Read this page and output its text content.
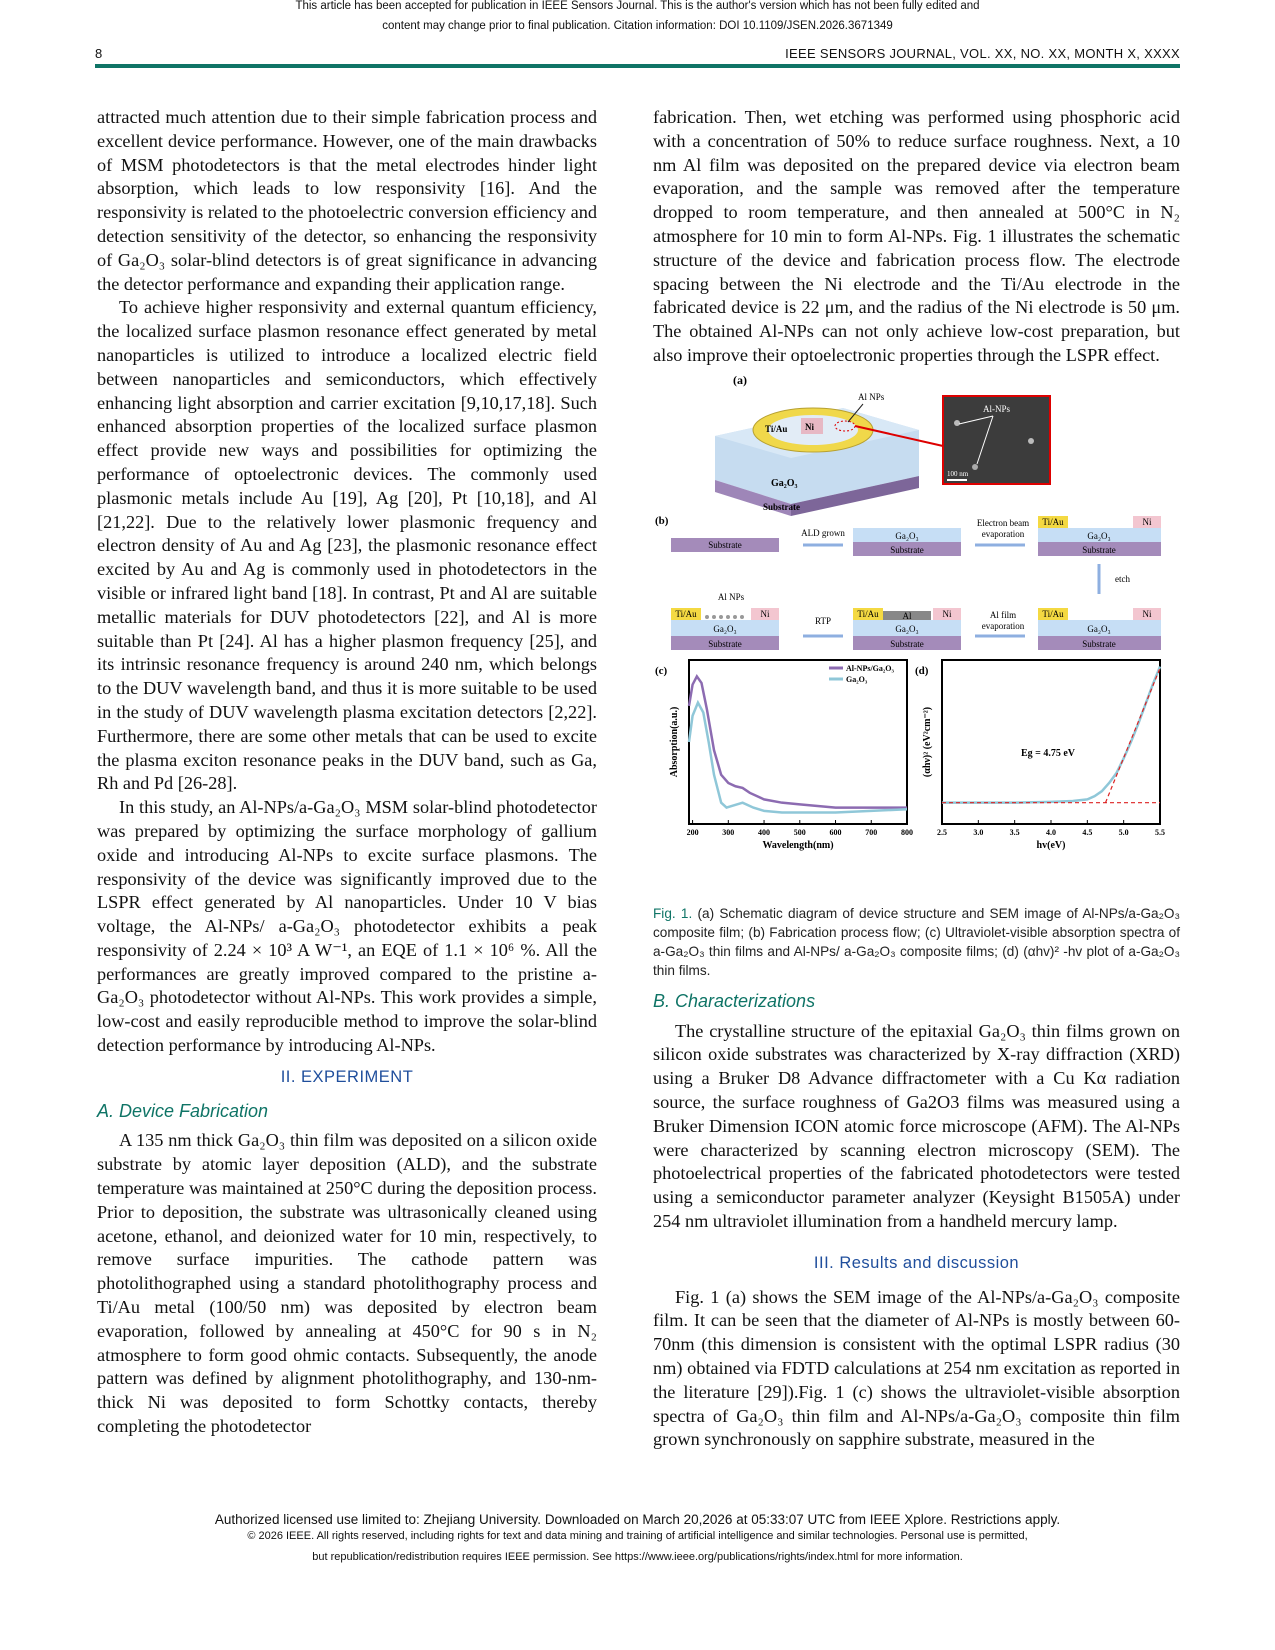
This article has been accepted for publication in IEEE Sensors Journal. This is the author's version which has not been fully edited and
content may change prior to final publication. Citation information: DOI 10.1109/JSEN.2026.3671349
8	IEEE SENSORS JOURNAL, VOL. XX, NO. XX, MONTH X, XXXX

attracted much attention due to their simple fabrication process and excellent device performance. However, one of the main drawbacks of MSM photodetectors is that the metal electrodes hinder light absorption, which leads to low responsivity [16]. And the responsivity is related to the photoelectric conversion efficiency and detection sensitivity of the detector, so enhancing the responsivity of Ga₂O₃ solar-blind detectors is of great significance in advancing the detector performance and expanding their application range.

To achieve higher responsivity and external quantum efficiency, the localized surface plasmon resonance effect generated by metal nanoparticles is utilized to introduce a localized electric field between nanoparticles and semiconductors, which effectively enhancing light absorption and carrier excitation [9,10,17,18]. Such enhanced absorption properties of the localized surface plasmon effect provide new ways and possibilities for optimizing the performance of optoelectronic devices. The commonly used plasmonic metals include Au [19], Ag [20], Pt [10,18], and Al [21,22]. Due to the relatively lower plasmonic frequency and electron density of Au and Ag [23], the plasmonic resonance effect excited by Au and Ag is commonly used in photodetectors in the visible or infrared light band [18]. In contrast, Pt and Al are suitable metallic materials for DUV photodetectors [22], and Al is more suitable than Pt [24]. Al has a higher plasmon frequency [25], and its intrinsic resonance frequency is around 240 nm, which belongs to the DUV wavelength band, and thus it is more suitable to be used in the study of DUV wavelength plasma excitation detectors [2,22]. Furthermore, there are some other metals that can be used to excite the plasma exciton resonance peaks in the DUV band, such as Ga, Rh and Pd [26-28].

In this study, an Al-NPs/a-Ga₂O₃ MSM solar-blind photodetector was prepared by optimizing the surface morphology of gallium oxide and introducing Al-NPs to excite surface plasmons. The responsivity of the device was significantly improved due to the LSPR effect generated by Al nanoparticles. Under 10 V bias voltage, the Al-NPs/ a-Ga₂O₃ photodetector exhibits a peak responsivity of 2.24 × 10³ A W⁻¹, an EQE of 1.1 × 10⁶ %. All the performances are greatly improved compared to the pristine a-Ga₂O₃ photodetector without Al-NPs. This work provides a simple, low-cost and easily reproducible method to improve the solar-blind detection performance by introducing Al-NPs.

II. EXPERIMENT
A. Device Fabrication

A 135 nm thick Ga₂O₃ thin film was deposited on a silicon oxide substrate by atomic layer deposition (ALD), and the substrate temperature was maintained at 250°C during the deposition process. Prior to deposition, the substrate was ultrasonically cleaned using acetone, ethanol, and deionized water for 10 min, respectively, to remove surface impurities. The cathode pattern was photolithographed using a standard photolithography process and Ti/Au metal (100/50 nm) was deposited by electron beam evaporation, followed by annealing at 450°C for 90 s in N₂ atmosphere to form good ohmic contacts. Subsequently, the anode pattern was defined by alignment photolithography, and 130-nm-thick Ni was deposited to form Schottky contacts, thereby completing the photodetector

fabrication. Then, wet etching was performed using phosphoric acid with a concentration of 50% to reduce surface roughness. Next, a 10 nm Al film was deposited on the prepared device via electron beam evaporation, and the sample was removed after the temperature dropped to room temperature, and then annealed at 500°C in N₂ atmosphere for 10 min to form Al-NPs. Fig. 1 illustrates the schematic structure of the device and fabrication process flow. The electrode spacing between the Ni electrode and the Ti/Au electrode in the fabricated device is 22 μm, and the radius of the Ni electrode is 50 μm. The obtained Al-NPs can not only achieve low-cost preparation, but also improve their optoelectronic properties through the LSPR effect.

(a)
Ti/Au Ni
Al NPs
Ga₂O₃
Substrate
Al-NPs
100 nm
(b)
Substrate
ALD grown	Ga₂O₃
Substrate
Electron beam
evaporation
Ti/Au	Ni
Ga₂O₃
Substrate
etch
Ti/Au	Ni
Ga₂O₃
Substrate
Al film
evaporation
Ti/Au	Al	Ni
Ga₂O₃
Substrate
RTP
Ti/Au	Ni
Al NPs
Ga₂O₃
Substrate
(c)
200	300	400	500	600	700	800
Wavelength(nm)
Absorption(a.u.)
Al-NPs/Ga₂O₃
Ga₂O₃
(d)
2.5	3.0	3.5	4.0	4.5	5.0	5.5
hv(eV)
(αhν)² (eV²cm⁻²)	Eg = 4.75 eV
Fig. 1. (a) Schematic diagram of device structure and SEM image of Al-NPs/a-Ga₂O₃ composite film; (b) Fabrication process flow; (c) Ultraviolet-visible absorption spectra of a-Ga₂O₃ thin films and Al-NPs/ a-Ga₂O₃ composite films; (d) (αhv)² -hv plot of a-Ga₂O₃ thin films.
B. Characterizations

The crystalline structure of the epitaxial Ga₂O₃ thin films grown on silicon oxide substrates was characterized by X-ray diffraction (XRD) using a Bruker D8 Advance diffractometer with a Cu Kα radiation source, the surface roughness of Ga2O3 films was measured using a Bruker Dimension ICON atomic force microscope (AFM). The Al-NPs were characterized by scanning electron microscopy (SEM). The photoelectrical properties of the fabricated photodetectors were tested using a semiconductor parameter analyzer (Keysight B1505A) under 254 nm ultraviolet illumination from a handheld mercury lamp.

III. Results and discussion

Fig. 1 (a) shows the SEM image of the Al-NPs/a-Ga₂O₃ composite film. It can be seen that the diameter of Al-NPs is mostly between 60-70nm (this dimension is consistent with the optimal LSPR radius (30 nm) obtained via FDTD calculations at 254 nm excitation as reported in the literature [29]).Fig. 1 (c) shows the ultraviolet-visible absorption spectra of Ga₂O₃ thin film and Al-NPs/a-Ga₂O₃ composite thin film grown synchronously on sapphire substrate, measured in the

Authorized licensed use limited to: Zhejiang University. Downloaded on March 20,2026 at 05:33:07 UTC from IEEE Xplore. Restrictions apply.
© 2026 IEEE. All rights reserved, including rights for text and data mining and training of artificial intelligence and similar technologies. Personal use is permitted,
but republication/redistribution requires IEEE permission. See https://www.ieee.org/publications/rights/index.html for more information.
